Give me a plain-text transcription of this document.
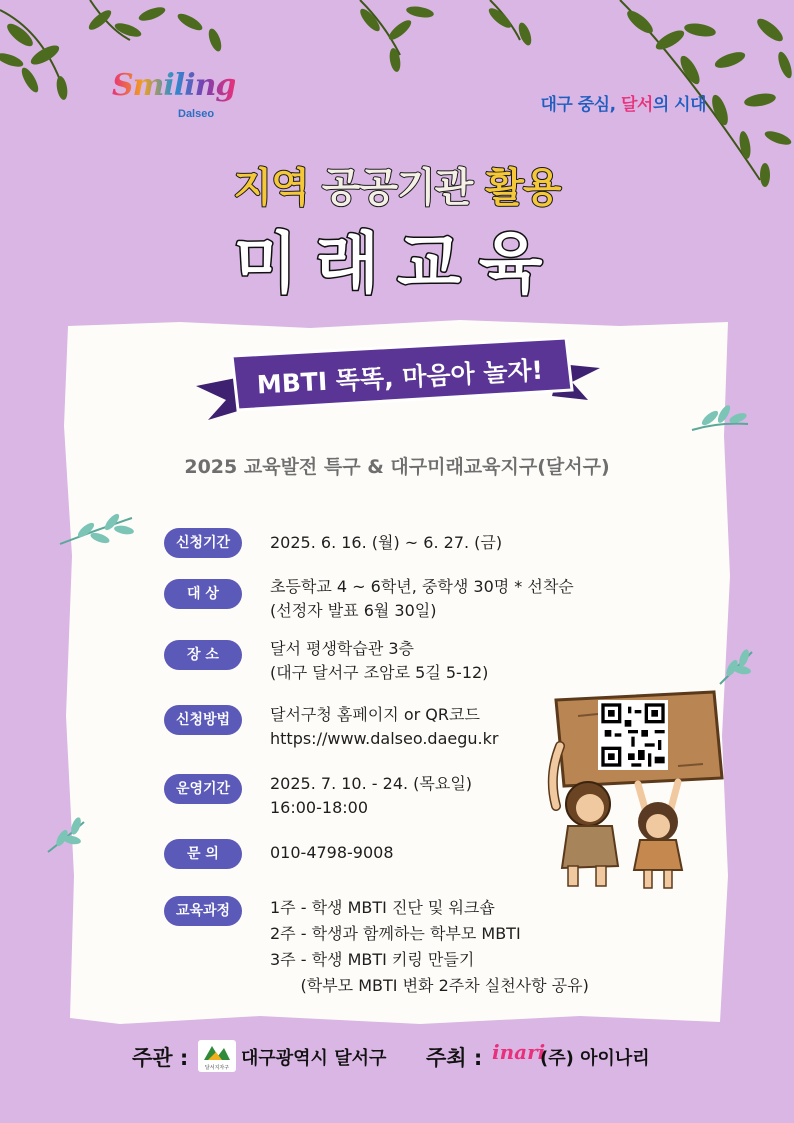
Smiling
Dalseo	대구 중심, 달서의 시대
지역 공공기관 활용
미래교육
MBTI 똑똑, 마음아 놀자!
2025 교육발전 특구 & 대구미래교육지구(달서구)
신청기간	2025. 6. 16. (월) ~ 6. 27. (금)
대 상	초등학교 4 ~ 6학년, 중학생 30명 * 선착순
(선정자 발표 6월 30일)
장 소	달서 평생학습관 3층
(대구 달서구 조암로 5길 5-12)
신청방법	달서구청 홈페이지 or QR코드
https://www.dalseo.daegu.kr
운영기간	2025. 7. 10. - 24. (목요일)
16:00-18:00
문 의	010-4798-9008
교육과정	1주 - 학생 MBTI 진단 및 워크숍
2주 - 학생과 함께하는 학부모 MBTI
3주 - 학생 MBTI 키링 만들기
(학부모 MBTI 변화 2주차 실천사항 공유)
주관 :	달서지자구 대구광역시 달서구 주최 : inari
(주) 아이나리
